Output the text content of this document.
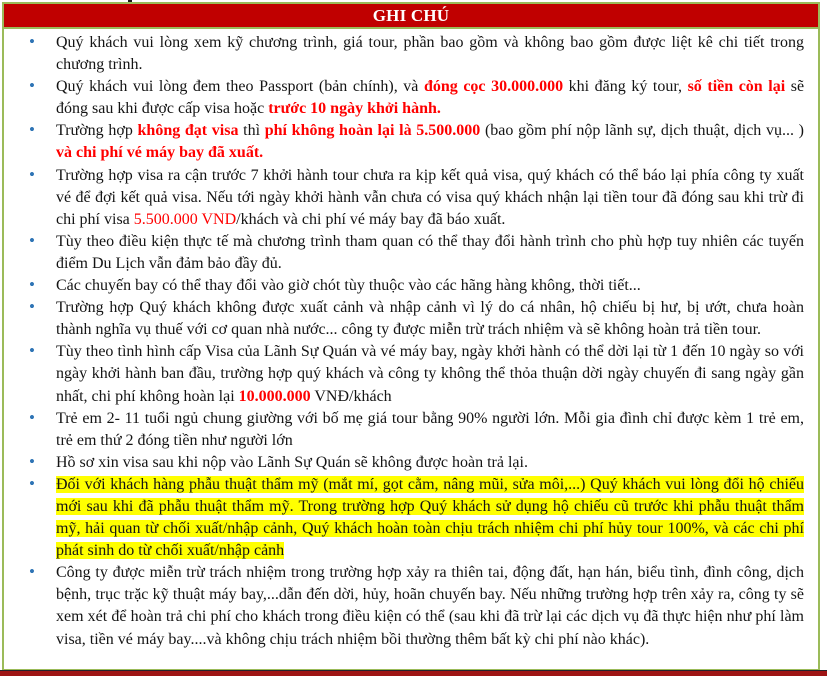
GHI CHÚ
• Quý khách vui lòng xem kỹ chương trình, giá tour, phần bao gồm và không bao gồm được liệt kê chi tiết trong chương trình.
• Quý khách vui lòng đem theo Passport (bản chính), và đóng cọc 30.000.000 khi đăng ký tour, số tiền còn lại sẽ đóng sau khi được cấp visa hoặc trước 10 ngày khởi hành.
• Trường hợp không đạt visa thì phí không hoàn lại là 5.500.000 (bao gồm phí nộp lãnh sự, dịch thuật, dịch vụ... ) và chi phí vé máy bay đã xuất.
• Trường hợp visa ra cận trước 7 khởi hành tour chưa ra kịp kết quả visa, quý khách có thể báo lại phía công ty xuất vé để đợi kết quả visa. Nếu tới ngày khởi hành vẫn chưa có visa quý khách nhận lại tiền tour đã đóng sau khi trừ đi chi phí visa 5.500.000 VND/khách và chi phí vé máy bay đã báo xuất.
• Tùy theo điều kiện thực tế mà chương trình tham quan có thể thay đổi hành trình cho phù hợp tuy nhiên các tuyến điểm Du Lịch vẫn đảm bảo đầy đủ.
• Các chuyến bay có thể thay đổi vào giờ chót tùy thuộc vào các hãng hàng không, thời tiết...
• Trường hợp Quý khách không được xuất cảnh và nhập cảnh vì lý do cá nhân, hộ chiếu bị hư, bị ướt, chưa hoàn thành nghĩa vụ thuế với cơ quan nhà nước... công ty được miễn trừ trách nhiệm và sẽ không hoàn trả tiền tour.
• Tùy theo tình hình cấp Visa của Lãnh Sự Quán và vé máy bay, ngày khởi hành có thể dời lại từ 1 đến 10 ngày so với ngày khởi hành ban đầu, trường hợp quý khách và công ty không thể thỏa thuận dời ngày chuyến đi sang ngày gần nhất, chi phí không hoàn lại 10.000.000 VNĐ/khách
• Trẻ em 2- 11 tuổi ngủ chung giường với bố mẹ giá tour bằng 90% người lớn. Mỗi gia đình chỉ được kèm 1 trẻ em, trẻ em thứ 2 đóng tiền như người lớn
• Hồ sơ xin visa sau khi nộp vào Lãnh Sự Quán sẽ không được hoàn trả lại.
• Đối với khách hàng phẫu thuật thẩm mỹ (mắt mí, gọt cằm, nâng mũi, sửa môi,...) Quý khách vui lòng đổi hộ chiếu mới sau khi đã phẫu thuật thẩm mỹ. Trong trường hợp Quý khách sử dụng hộ chiếu cũ trước khi phẫu thuật thẩm mỹ, hải quan từ chối xuất/nhập cảnh, Quý khách hoàn toàn chịu trách nhiệm chi phí hủy tour 100%, và các chi phí phát sinh do từ chối xuất/nhập cảnh
• Công ty được miễn trừ trách nhiệm trong trường hợp xảy ra thiên tai, động đất, hạn hán, biểu tình, đình công, dịch bệnh, trục trặc kỹ thuật máy bay,...dẫn đến dời, hủy, hoãn chuyến bay. Nếu những trường hợp trên xảy ra, công ty sẽ xem xét để hoàn trả chi phí cho khách trong điều kiện có thể (sau khi đã trừ lại các dịch vụ đã thực hiện như phí làm visa, tiền vé máy bay....và không chịu trách nhiệm bồi thường thêm bất kỳ chi phí nào khác).
